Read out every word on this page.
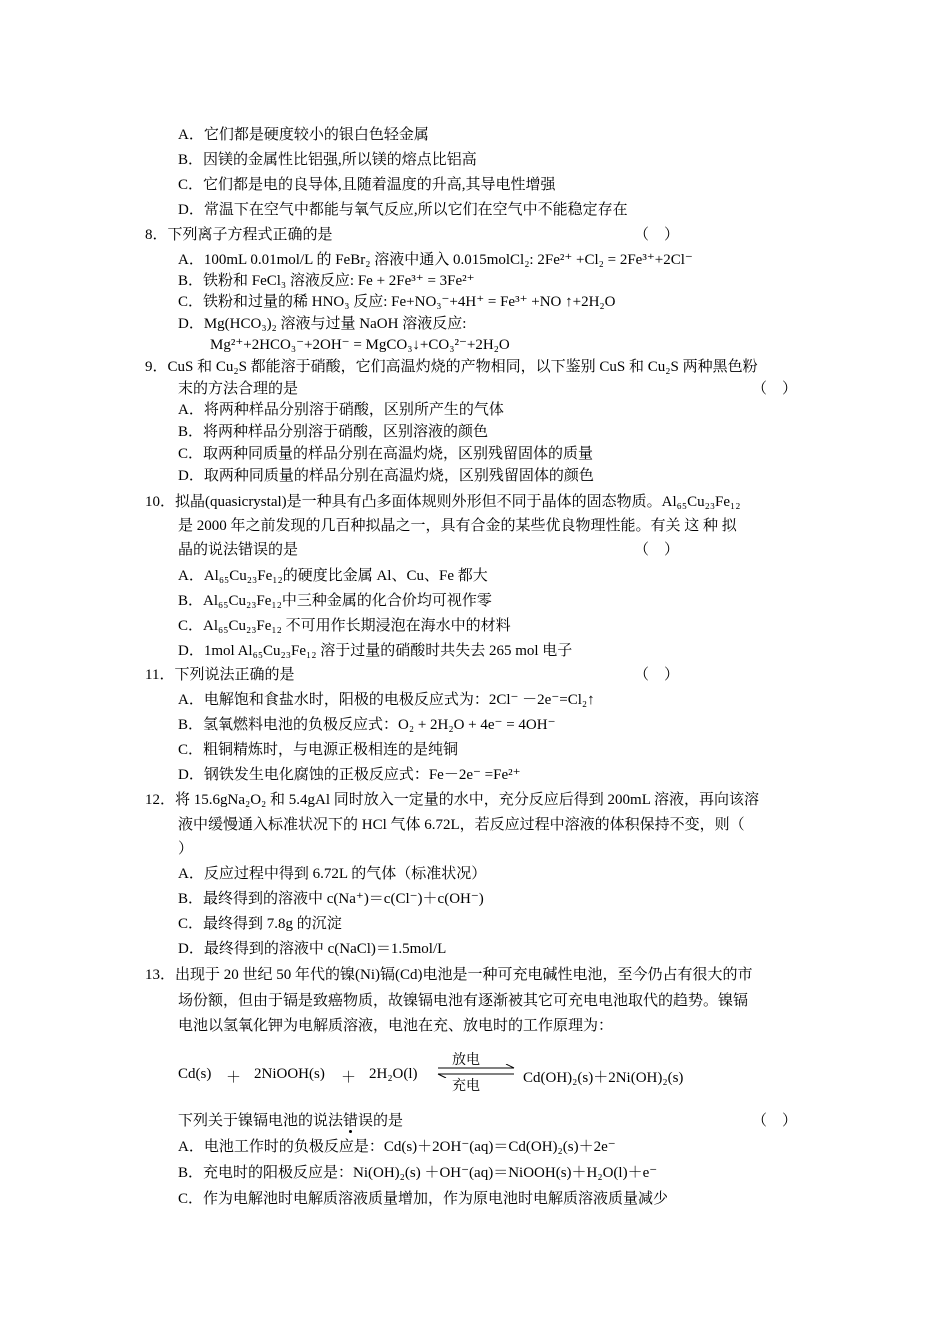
A．它们都是硬度较小的银白色轻金属
B．因镁的金属性比铝强,所以镁的熔点比铝高
C．它们都是电的良导体,且随着温度的升高,其导电性增强
D．常温下在空气中都能与氧气反应,所以它们在空气中不能稳定存在
8．下列离子方程式正确的是	（　）
A．100mL 0.01mol/L 的 FeBr₂ 溶液中通入 0.015molCl₂: 2Fe²⁺ +Cl₂ = 2Fe³⁺+2Cl⁻
B．铁粉和 FeCl₃ 溶液反应: Fe + 2Fe³⁺ = 3Fe²⁺
C．铁粉和过量的稀 HNO₃ 反应: Fe+NO₃⁻+4H⁺ = Fe³⁺ +NO ↑+2H₂O
D．Mg(HCO₃)₂ 溶液与过量 NaOH 溶液反应:
Mg²⁺+2HCO₃⁻+2OH⁻ = MgCO₃↓+CO₃²⁻+2H₂O
9．CuS 和 Cu₂S 都能溶于硝酸，它们高温灼烧的产物相同，以下鉴别 CuS 和 Cu₂S 两种黑色粉
末的方法合理的是	（　）
A．将两种样品分别溶于硝酸，区别所产生的气体
B．将两种样品分别溶于硝酸，区别溶液的颜色
C．取两种同质量的样品分别在高温灼烧，区别残留固体的质量
D．取两种同质量的样品分别在高温灼烧，区别残留固体的颜色
10．拟晶(quasicrystal)是一种具有凸多面体规则外形但不同于晶体的固态物质。Al₆₅Cu₂₃Fe₁₂
是 2000 年之前发现的几百种拟晶之一，具有合金的某些优良物理性能。有关 这 种 拟
晶的说法错误的是	（　）
A．Al₆₅Cu₂₃Fe₁₂的硬度比金属 Al、Cu、Fe 都大
B．Al₆₅Cu₂₃Fe₁₂中三种金属的化合价均可视作零
C．Al₆₅Cu₂₃Fe₁₂ 不可用作长期浸泡在海水中的材料
D．1mol Al₆₅Cu₂₃Fe₁₂ 溶于过量的硝酸时共失去 265 mol 电子
11．下列说法正确的是	（　）
A．电解饱和食盐水时，阳极的电极反应式为：2Cl⁻ －2e⁻=Cl₂↑
B．氢氧燃料电池的负极反应式：O₂ + 2H₂O + 4e⁻ = 4OH⁻
C．粗铜精炼时，与电源正极相连的是纯铜
D．钢铁发生电化腐蚀的正极反应式：Fe－2e⁻ =Fe²⁺
12．将 15.6gNa₂O₂ 和 5.4gAl 同时放入一定量的水中，充分反应后得到 200mL 溶液，再向该溶
液中缓慢通入标准状况下的 HCl 气体 6.72L，若反应过程中溶液的体积保持不变，则（
）
A．反应过程中得到 6.72L 的气体（标准状况）
B．最终得到的溶液中 c(Na⁺)＝c(Cl⁻)＋c(OH⁻)
C．最终得到 7.8g 的沉淀
D．最终得到的溶液中 c(NaCl)＝1.5mol/L
13．出现于 20 世纪 50 年代的镍(Ni)镉(Cd)电池是一种可充电碱性电池，至今仍占有很大的市
场份额，但由于镉是致癌物质，故镍镉电池有逐渐被其它可充电电池取代的趋势。镍镉
电池以氢氧化钾为电解质溶液，电池在充、放电时的工作原理为：
Cd(s) ＋ 2NiOOH(s) ＋ 2H₂O(l)
放电
充电
Cd(OH)₂(s)＋2Ni(OH)₂(s)
下列关于镍镉电池的说法错误的是	（　）
A．电池工作时的负极反应是：Cd(s)＋2OH⁻(aq)＝Cd(OH)₂(s)＋2e⁻
B．充电时的阳极反应是：Ni(OH)₂(s) ＋OH⁻(aq)＝NiOOH(s)＋H₂O(l)＋e⁻
C．作为电解池时电解质溶液质量增加，作为原电池时电解质溶液质量减少
